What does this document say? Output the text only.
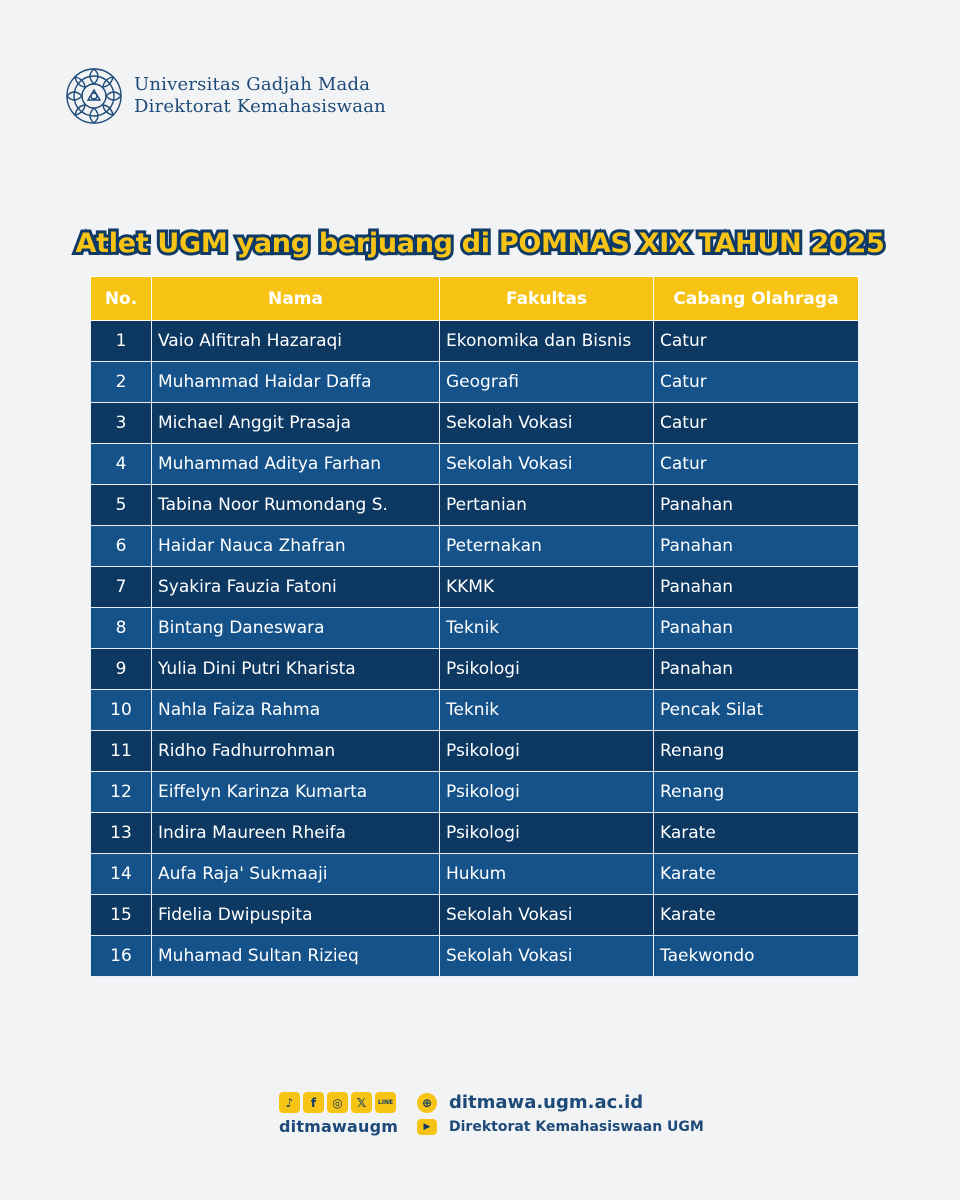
Universitas Gadjah Mada
Direktorat Kemahasiswaan
Atlet UGM yang berjuang di POMNAS XIX TAHUN 2025
No.	Nama	Fakultas	Cabang Olahraga
1	Vaio Alfitrah Hazaraqi	Ekonomika dan Bisnis	Catur
2	Muhammad Haidar Daffa	Geografi	Catur
3	Michael Anggit Prasaja	Sekolah Vokasi	Catur
4	Muhammad Aditya Farhan	Sekolah Vokasi	Catur
5	Tabina Noor Rumondang S.	Pertanian	Panahan
6	Haidar Nauca Zhafran	Peternakan	Panahan
7	Syakira Fauzia Fatoni	KKMK	Panahan
8	Bintang Daneswara	Teknik	Panahan
9	Yulia Dini Putri Kharista	Psikologi	Panahan
10	Nahla Faiza Rahma	Teknik	Pencak Silat
11	Ridho Fadhurrohman	Psikologi	Renang
12	Eiffelyn Karinza Kumarta	Psikologi	Renang
13	Indira Maureen Rheifa	Psikologi	Karate
14	Aufa Raja' Sukmaaji	Hukum	Karate
15	Fidelia Dwipuspita	Sekolah Vokasi	Karate
16	Muhamad Sultan Rizieq	Sekolah Vokasi	Taekwondo
♪	f	◎	𝕏	LINE
ditmawaugm
⊕ ditmawa.ugm.ac.id
▶	Direktorat Kemahasiswaan UGM
